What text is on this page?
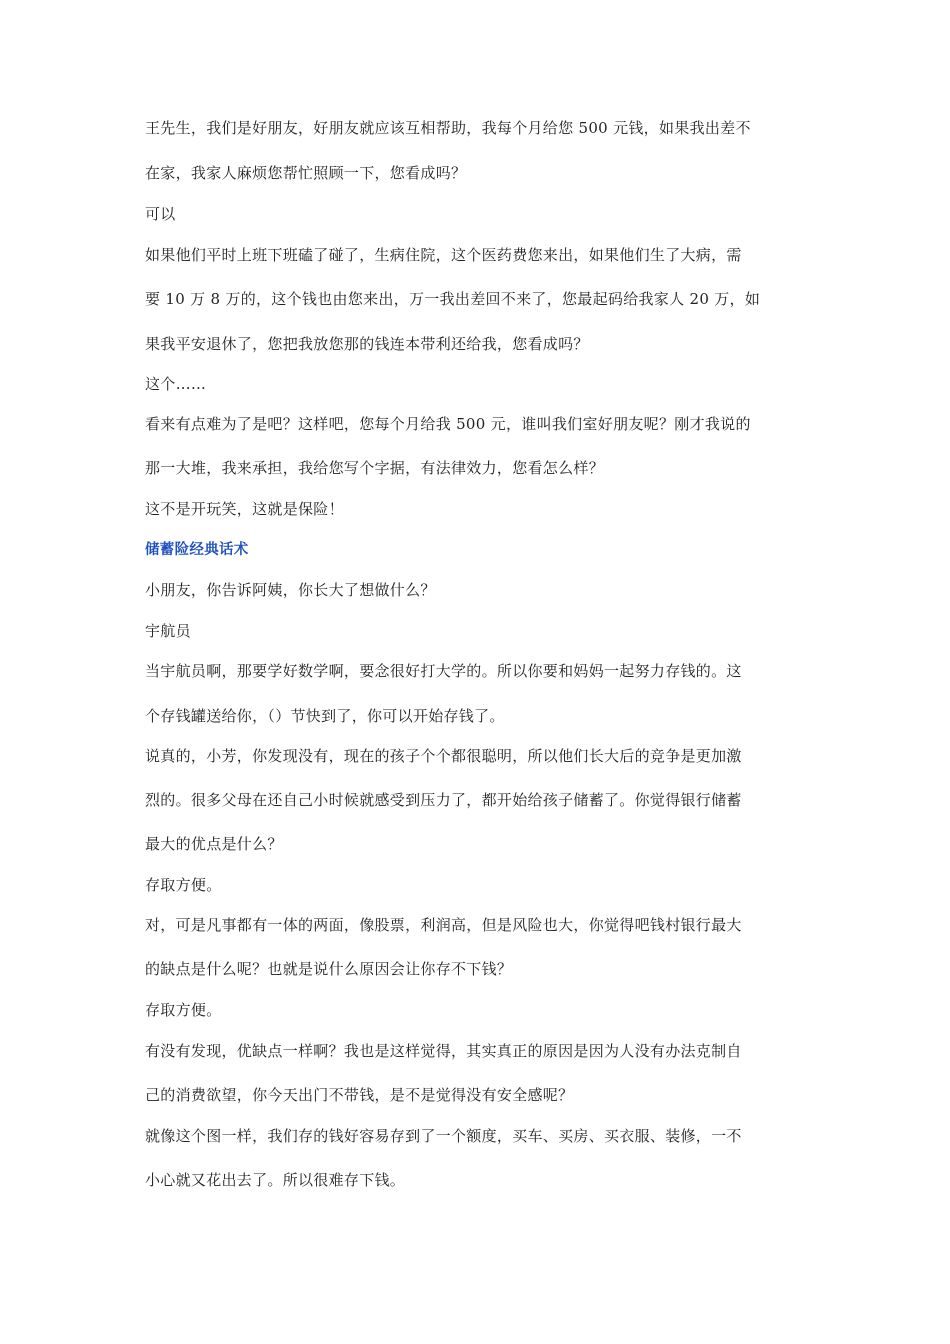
王先生，我们是好朋友，好朋友就应该互相帮助，我每个月给您 500 元钱，如果我出差不
在家，我家人麻烦您帮忙照顾一下，您看成吗？
可以
如果他们平时上班下班磕了碰了，生病住院，这个医药费您来出，如果他们生了大病，需
要 10 万 8 万的，这个钱也由您来出，万一我出差回不来了，您最起码给我家人 20 万，如
果我平安退休了，您把我放您那的钱连本带利还给我，您看成吗？
这个……
看来有点难为了是吧？这样吧，您每个月给我 500 元，谁叫我们室好朋友呢？刚才我说的
那一大堆，我来承担，我给您写个字据，有法律效力，您看怎么样？
这不是开玩笑，这就是保险！
储蓄险经典话术
小朋友，你告诉阿姨，你长大了想做什么？
宇航员
当宇航员啊，那要学好数学啊，要念很好打大学的。所以你要和妈妈一起努力存钱的。这
个存钱罐送给你，（）节快到了，你可以开始存钱了。
说真的，小芳，你发现没有，现在的孩子个个都很聪明，所以他们长大后的竞争是更加激
烈的。很多父母在还自己小时候就感受到压力了，都开始给孩子储蓄了。你觉得银行储蓄
最大的优点是什么？
存取方便。
对，可是凡事都有一体的两面，像股票，利润高，但是风险也大，你觉得吧钱村银行最大
的缺点是什么呢？也就是说什么原因会让你存不下钱？
存取方便。
有没有发现，优缺点一样啊？我也是这样觉得，其实真正的原因是因为人没有办法克制自
己的消费欲望，你今天出门不带钱，是不是觉得没有安全感呢？
就像这个图一样，我们存的钱好容易存到了一个额度，买车、买房、买衣服、装修，一不
小心就又花出去了。所以很难存下钱。
